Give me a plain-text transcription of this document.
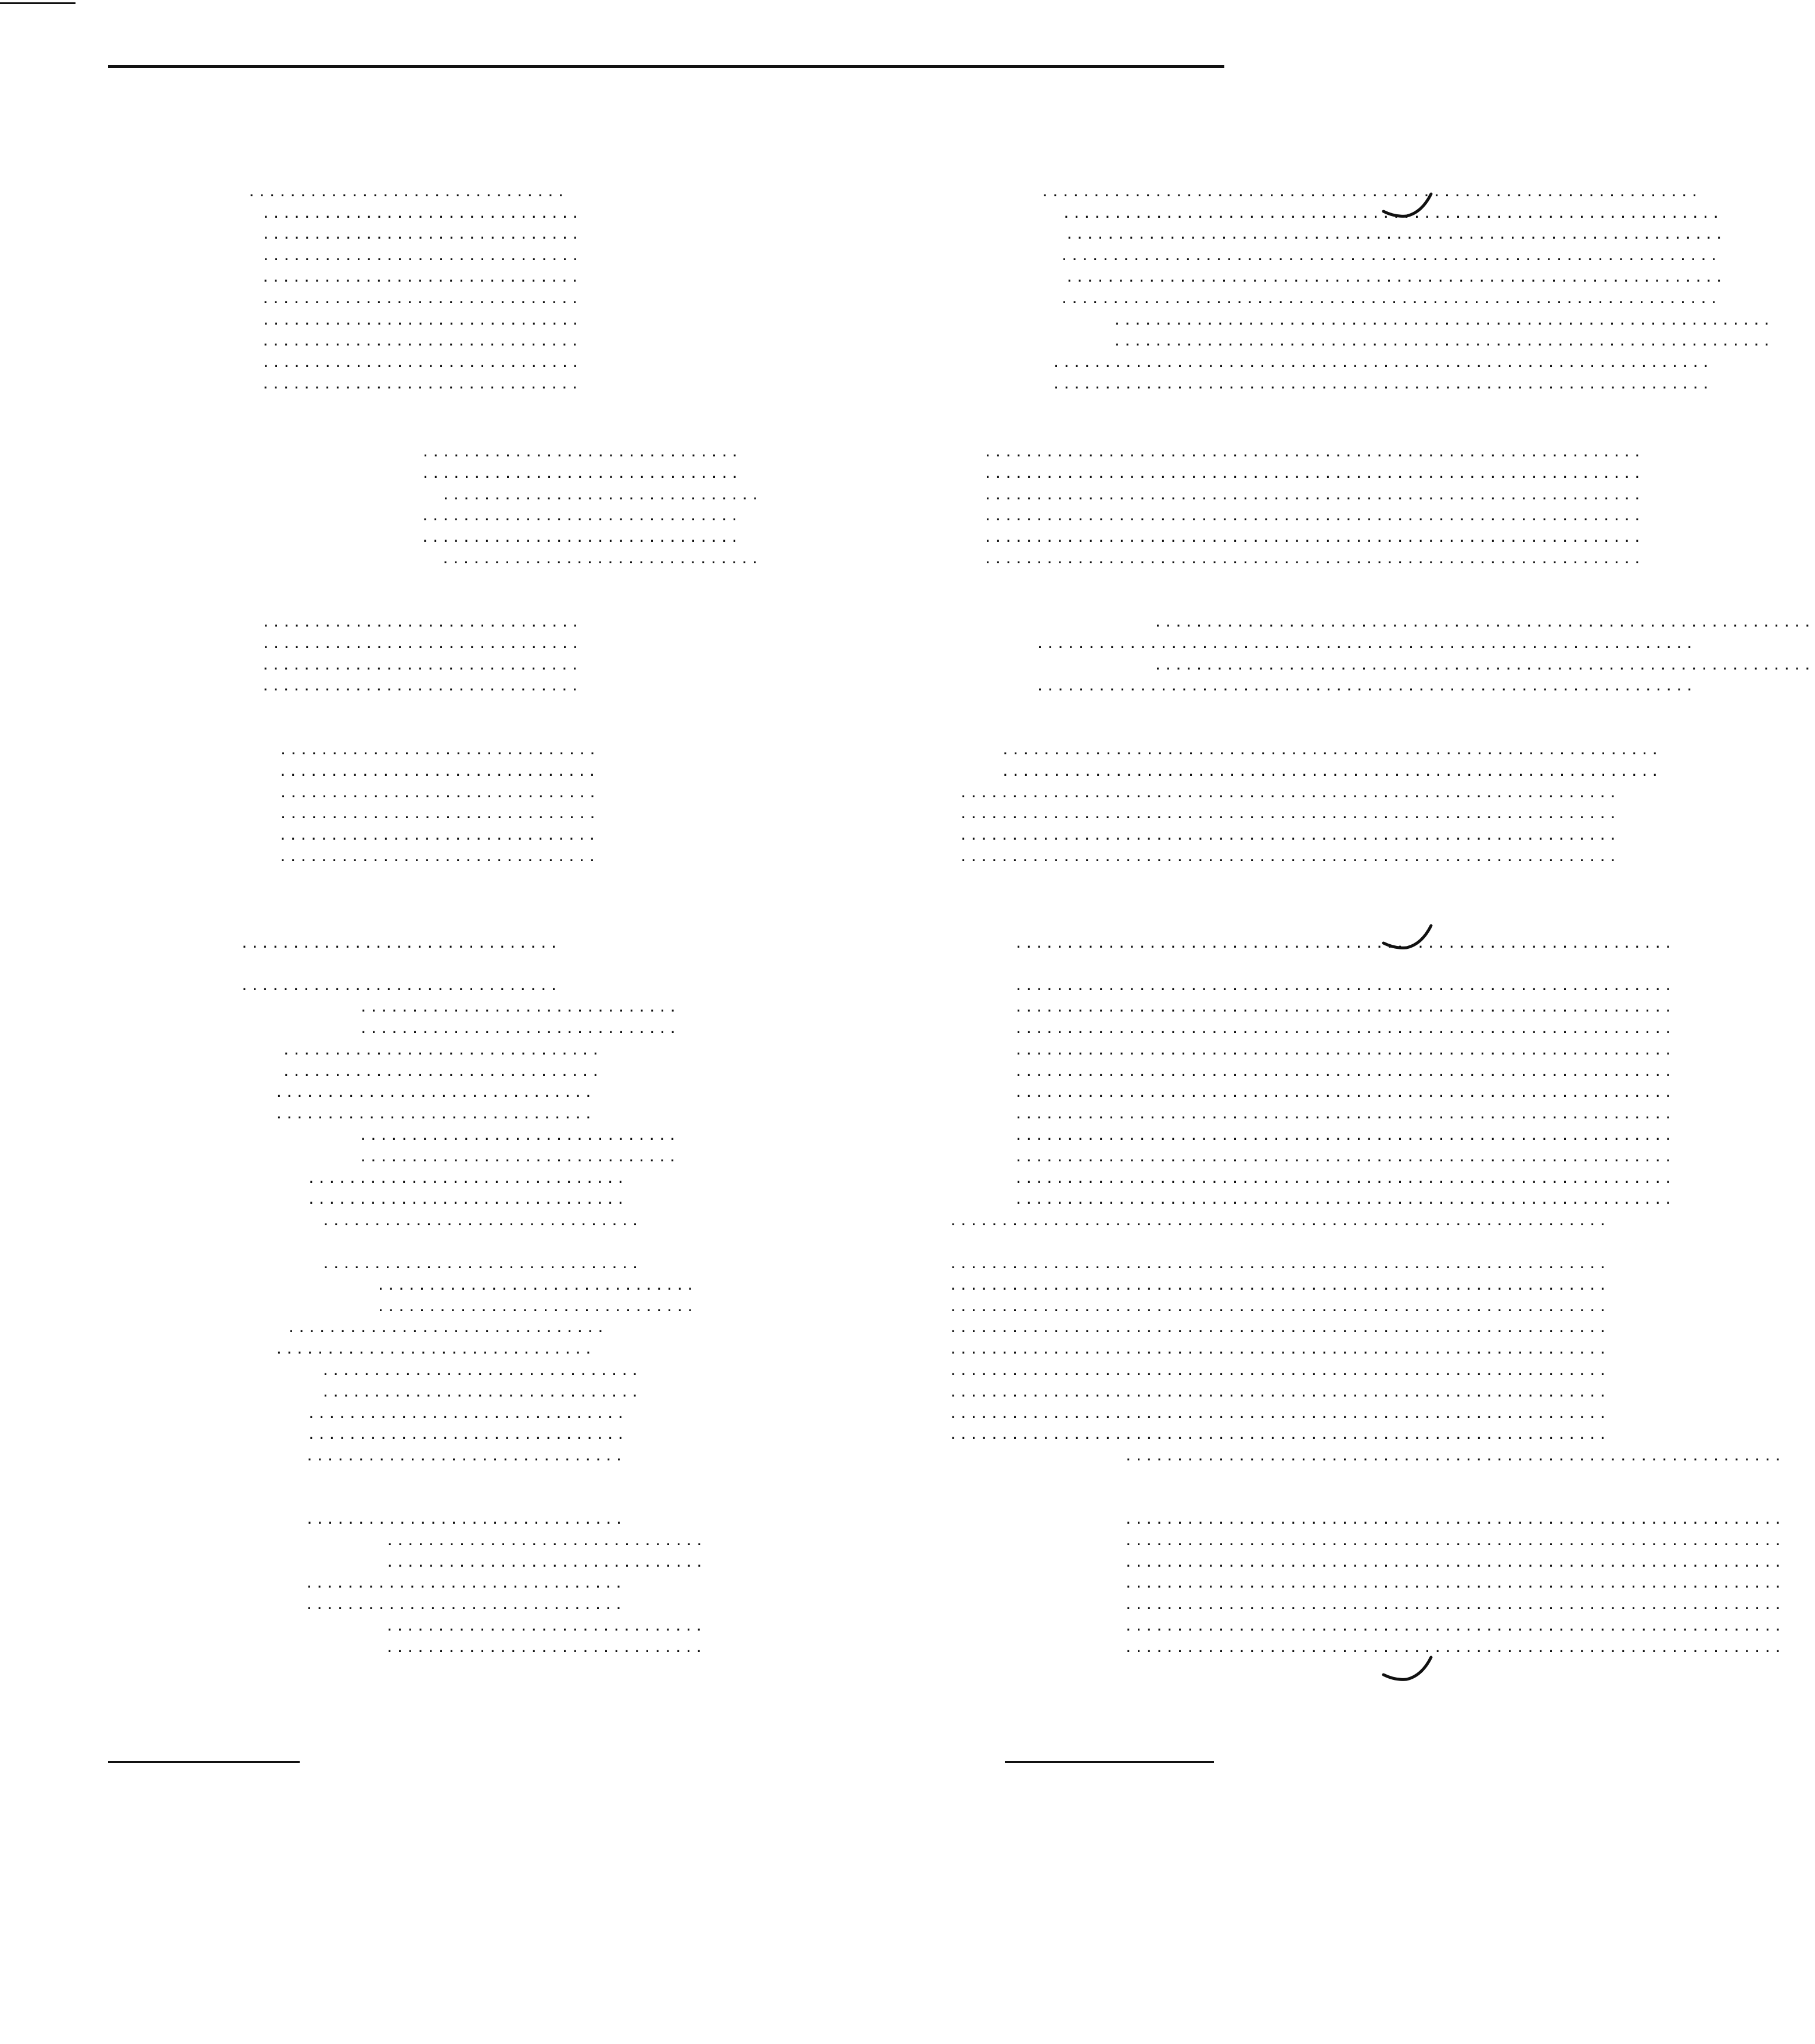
...............................	................................................................
...............................	................................................................
...............................	................................................................
...............................	................................................................
...............................	................................................................
...............................	................................................................
...............................	................................................................
...............................	................................................................
...............................	................................................................
...............................	................................................................
...............................	................................................................
...............................	................................................................
...............................	................................................................
...............................	................................................................
...............................	................................................................
...............................	................................................................
...............................	................................................................
...............................	................................................................
...............................	................................................................
...............................	................................................................
...............................	................................................................
...............................	................................................................
...............................	................................................................
...............................	................................................................
...............................	................................................................
...............................	................................................................
...............................	................................................................
...............................	................................................................
...............................	................................................................
...............................	................................................................
...............................	................................................................
...............................	................................................................
...............................	................................................................
...............................	................................................................
...............................	................................................................
...............................	................................................................
...............................	................................................................
...............................	................................................................
...............................	................................................................
...............................	................................................................
...............................	................................................................
...............................	................................................................
...............................	................................................................
...............................	................................................................
...............................	................................................................
...............................	................................................................
...............................	................................................................
...............................	................................................................
...............................	................................................................
...............................	................................................................
...............................	................................................................
...............................	................................................................
...............................	................................................................
...............................	................................................................
...............................	................................................................
...............................	................................................................
